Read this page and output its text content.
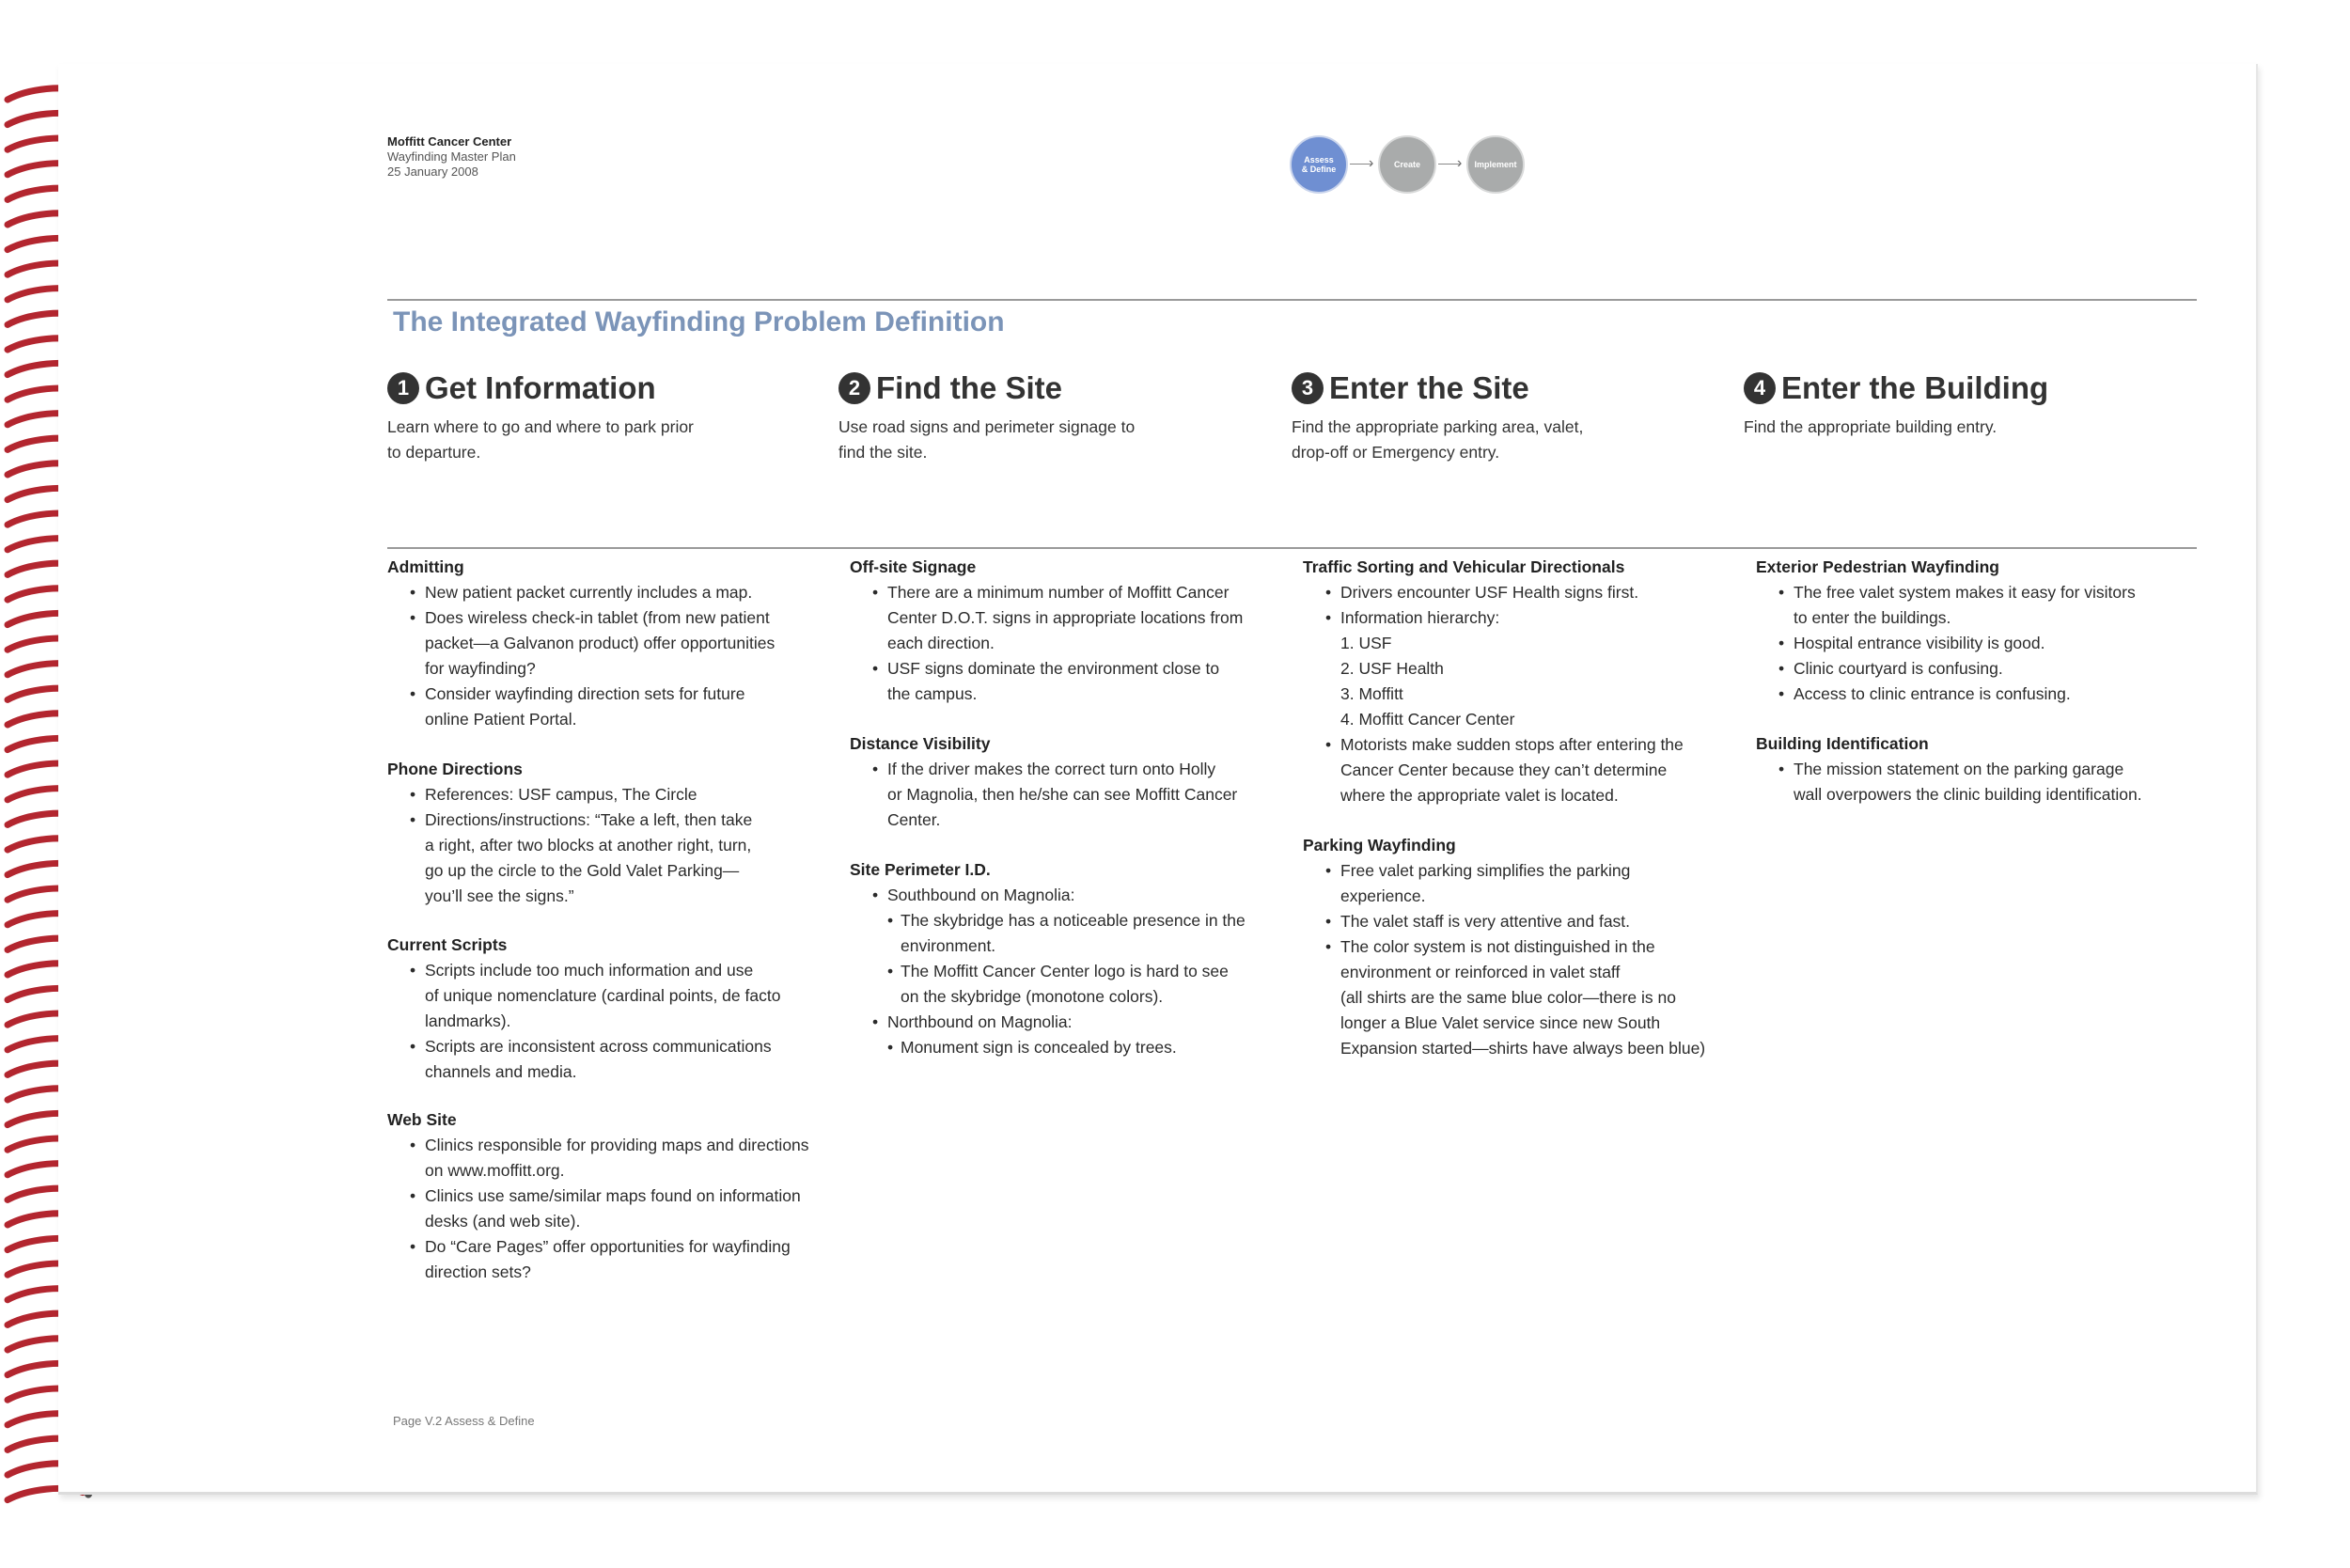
Moffitt Cancer Center
Wayfinding Master Plan
25 January 2008
Assess
& Define › Create › Implement
The Integrated Wayfinding Problem Definition
1 Get Information
Learn where to go and where to park prior
to departure.
2 Find the Site
Use road signs and perimeter signage to
find the site.
3 Enter the Site
Find the appropriate parking area, valet,
drop-off or Emergency entry.
4 Enter the Building
Find the appropriate building entry.
Admitting
• New patient packet currently includes a map.
• Does wireless check-in tablet (from new patient
packet—a Galvanon product) offer opportunities
for wayfinding?
• Consider wayfinding direction sets for future
online Patient Portal.
Phone Directions
• References: USF campus, The Circle
• Directions/instructions: “Take a left, then take
a right, after two blocks at another right, turn,
go up the circle to the Gold Valet Parking—
you’ll see the signs.”
Current Scripts
• Scripts include too much information and use
of unique nomenclature (cardinal points, de facto
landmarks).
• Scripts are inconsistent across communications
channels and media.
Web Site
• Clinics responsible for providing maps and directions
on www.moffitt.org.
• Clinics use same/similar maps found on information
desks (and web site).
• Do “Care Pages” offer opportunities for wayfinding
direction sets?
Off-site Signage
• There are a minimum number of Moffitt Cancer
Center D.O.T. signs in appropriate locations from
each direction.
• USF signs dominate the environment close to
the campus.
Distance Visibility
• If the driver makes the correct turn onto Holly
or Magnolia, then he/she can see Moffitt Cancer
Center.
Site Perimeter I.D.
• Southbound on Magnolia:
• The skybridge has a noticeable presence in the
environment.
• The Moffitt Cancer Center logo is hard to see
on the skybridge (monotone colors).
• Northbound on Magnolia:
• Monument sign is concealed by trees.
Traffic Sorting and Vehicular Directionals
• Drivers encounter USF Health signs first.
• Information hierarchy:
1. USF
2. USF Health
3. Moffitt
4. Moffitt Cancer Center
• Motorists make sudden stops after entering the
Cancer Center because they can’t determine
where the appropriate valet is located.
Parking Wayfinding
• Free valet parking simplifies the parking
experience.
• The valet staff is very attentive and fast.
• The color system is not distinguished in the
environment or reinforced in valet staff
(all shirts are the same blue color—there is no
longer a Blue Valet service since new South
Expansion started—shirts have always been blue)
Exterior Pedestrian Wayfinding
• The free valet system makes it easy for visitors
to enter the buildings.
• Hospital entrance visibility is good.
• Clinic courtyard is confusing.
• Access to clinic entrance is confusing.
Building Identification
• The mission statement on the parking garage
wall overpowers the clinic building identification.
Page V.2 Assess & Define
